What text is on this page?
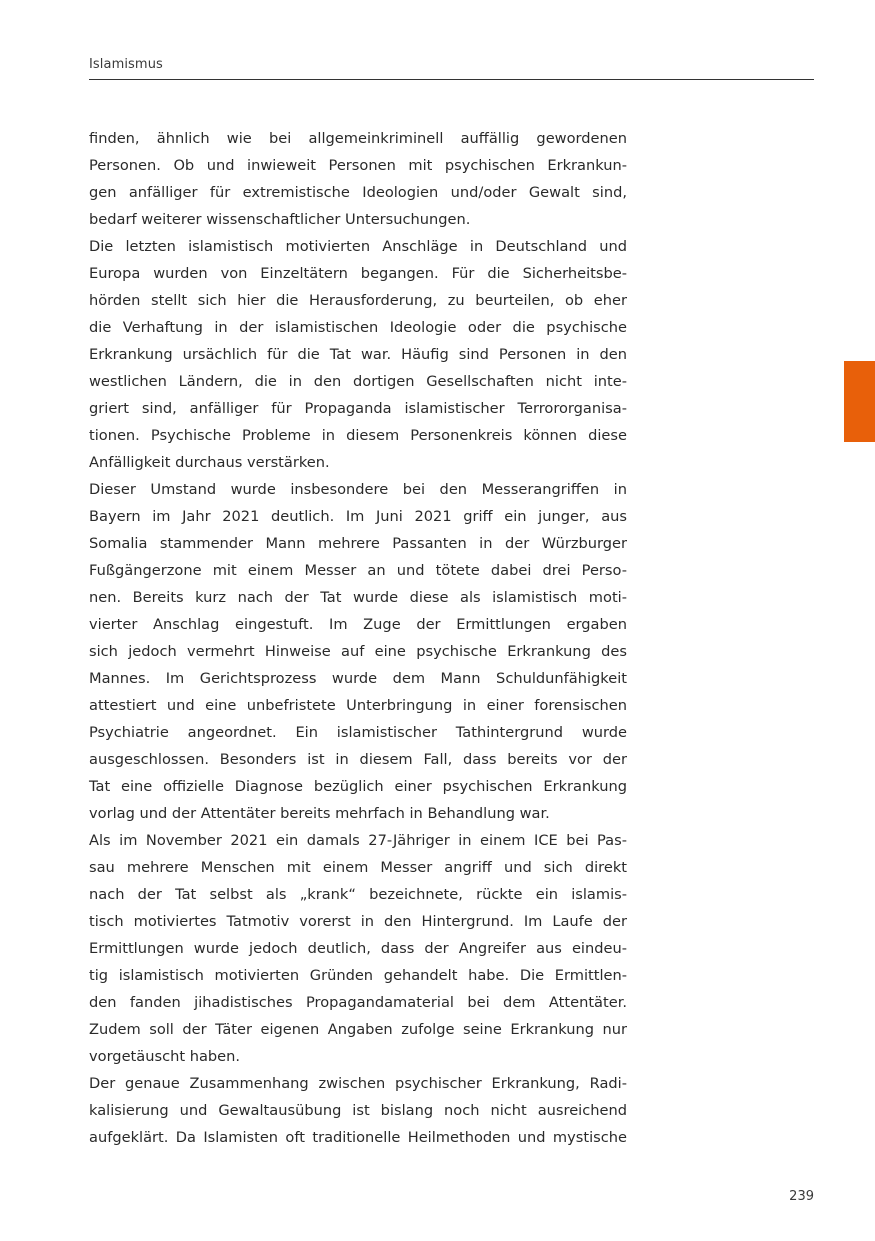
Islamismus
finden, ähnlich wie bei allgemeinkriminell auffällig gewordenen
Personen. Ob und inwieweit Personen mit psychischen Erkrankun-
gen anfälliger für extremistische Ideologien und/oder Gewalt sind,
bedarf weiterer wissenschaftlicher Untersuchungen.
Die letzten islamistisch motivierten Anschläge in Deutschland und
Europa wurden von Einzeltätern begangen. Für die Sicherheitsbe-
hörden stellt sich hier die Herausforderung, zu beurteilen, ob eher
die Verhaftung in der islamistischen Ideologie oder die psychische
Erkrankung ursächlich für die Tat war. Häufig sind Personen in den
westlichen Ländern, die in den dortigen Gesellschaften nicht inte-
griert sind, anfälliger für Propaganda islamistischer Terrororganisa-
tionen. Psychische Probleme in diesem Personenkreis können diese
Anfälligkeit durchaus verstärken.
Dieser Umstand wurde insbesondere bei den Messerangriffen in
Bayern im Jahr 2021 deutlich. Im Juni 2021 griff ein junger, aus
Somalia stammender Mann mehrere Passanten in der Würzburger
Fußgängerzone mit einem Messer an und tötete dabei drei Perso-
nen. Bereits kurz nach der Tat wurde diese als islamistisch moti-
vierter Anschlag eingestuft. Im Zuge der Ermittlungen ergaben
sich jedoch vermehrt Hinweise auf eine psychische Erkrankung des
Mannes. Im Gerichtsprozess wurde dem Mann Schuldunfähigkeit
attestiert und eine unbefristete Unterbringung in einer forensischen
Psychiatrie angeordnet. Ein islamistischer Tathintergrund wurde
ausgeschlossen. Besonders ist in diesem Fall, dass bereits vor der
Tat eine offizielle Diagnose bezüglich einer psychischen Erkrankung
vorlag und der Attentäter bereits mehrfach in Behandlung war.
Als im November 2021 ein damals 27-Jähriger in einem ICE bei Pas-
sau mehrere Menschen mit einem Messer angriff und sich direkt
nach der Tat selbst als „krank“ bezeichnete, rückte ein islamis-
tisch motiviertes Tatmotiv vorerst in den Hintergrund. Im Laufe der
Ermittlungen wurde jedoch deutlich, dass der Angreifer aus eindeu-
tig islamistisch motivierten Gründen gehandelt habe. Die Ermittlen-
den fanden jihadistisches Propagandamaterial bei dem Attentäter.
Zudem soll der Täter eigenen Angaben zufolge seine Erkrankung nur
vorgetäuscht haben.
Der genaue Zusammenhang zwischen psychischer Erkrankung, Radi-
kalisierung und Gewaltausübung ist bislang noch nicht ausreichend
aufgeklärt. Da Islamisten oft traditionelle Heilmethoden und mystische
239
